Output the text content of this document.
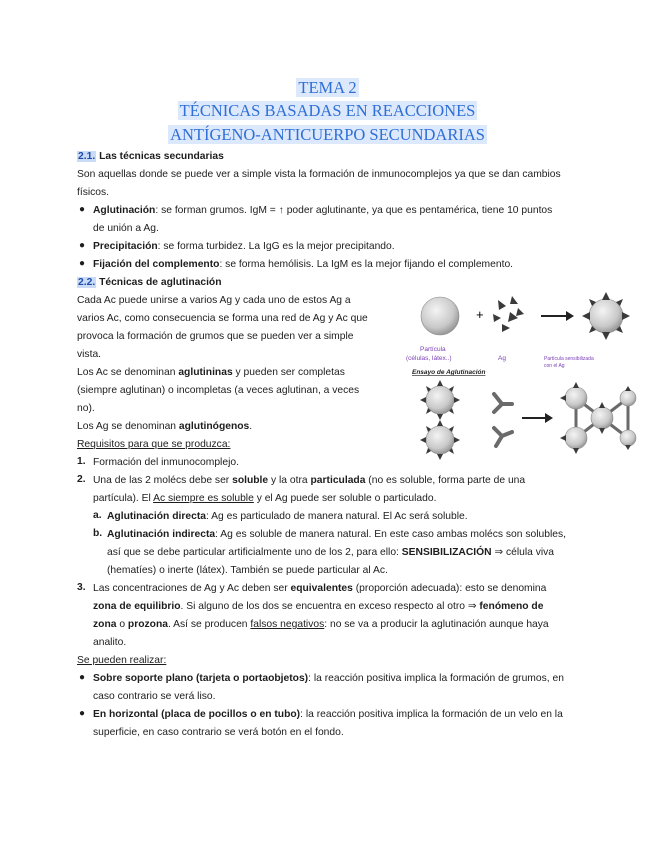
TEMA 2
TÉCNICAS BASADAS EN REACCIONES
ANTÍGENO-ANTICUERPO SECUNDARIAS
2.1. Las técnicas secundarias
Son aquellas donde se puede ver a simple vista la formación de inmunocomplejos ya que se dan cambios
físicos.
● Aglutinación: se forman grumos. IgM = ↑ poder aglutinante, ya que es pentamérica, tiene 10 puntos
de unión a Ag.
● Precipitación: se forma turbidez. La IgG es la mejor precipitando.
● Fijación del complemento: se forma hemólisis. La IgM es la mejor fijando el complemento.
2.2. Técnicas de aglutinación
Cada Ac puede unirse a varios Ag y cada uno de estos Ag a
varios Ac, como consecuencia se forma una red de Ag y Ac que
provoca la formación de grumos que se pueden ver a simple
vista.
Los Ac se denominan aglutininas y pueden ser completas
(siempre aglutinan) o incompletas (a veces aglutinan, a veces
no).
Los Ag se denominan aglutinógenos.
Requisitos para que se produzca:
1. Formación del inmunocomplejo.
2. Una de las 2 molécs debe ser soluble y la otra particulada (no es soluble, forma parte de una
partícula). El Ac siempre es soluble y el Ag puede ser soluble o particulado.
a. Aglutinación directa: Ag es particulado de manera natural. El Ac será soluble.
b. Aglutinación indirecta: Ag es soluble de manera natural. En este caso ambas molécs son solubles,
así que se debe particular artificialmente uno de los 2, para ello: SENSIBILIZACIÓN ⇒ célula viva
(hematíes) o inerte (látex). También se puede particular al Ac.
3. Las concentraciones de Ag y Ac deben ser equivalentes (proporción adecuada): esto se denomina
zona de equilibrio. Si alguno de los dos se encuentra en exceso respecto al otro ⇒ fenómeno de
zona o prozona. Así se producen falsos negativos: no se va a producir la aglutinación aunque haya
analito.
Se pueden realizar:
● Sobre soporte plano (tarjeta o portaobjetos): la reacción positiva implica la formación de grumos, en
caso contrario se verá liso.
● En horizontal (placa de pocillos o en tubo): la reacción positiva implica la formación de un velo en la
superficie, en caso contrario se verá botón en el fondo.
+
Partícula
(células, látex..)	Ag	Partícula sensibilizada
con el Ag
Ensayo de Aglutinación
